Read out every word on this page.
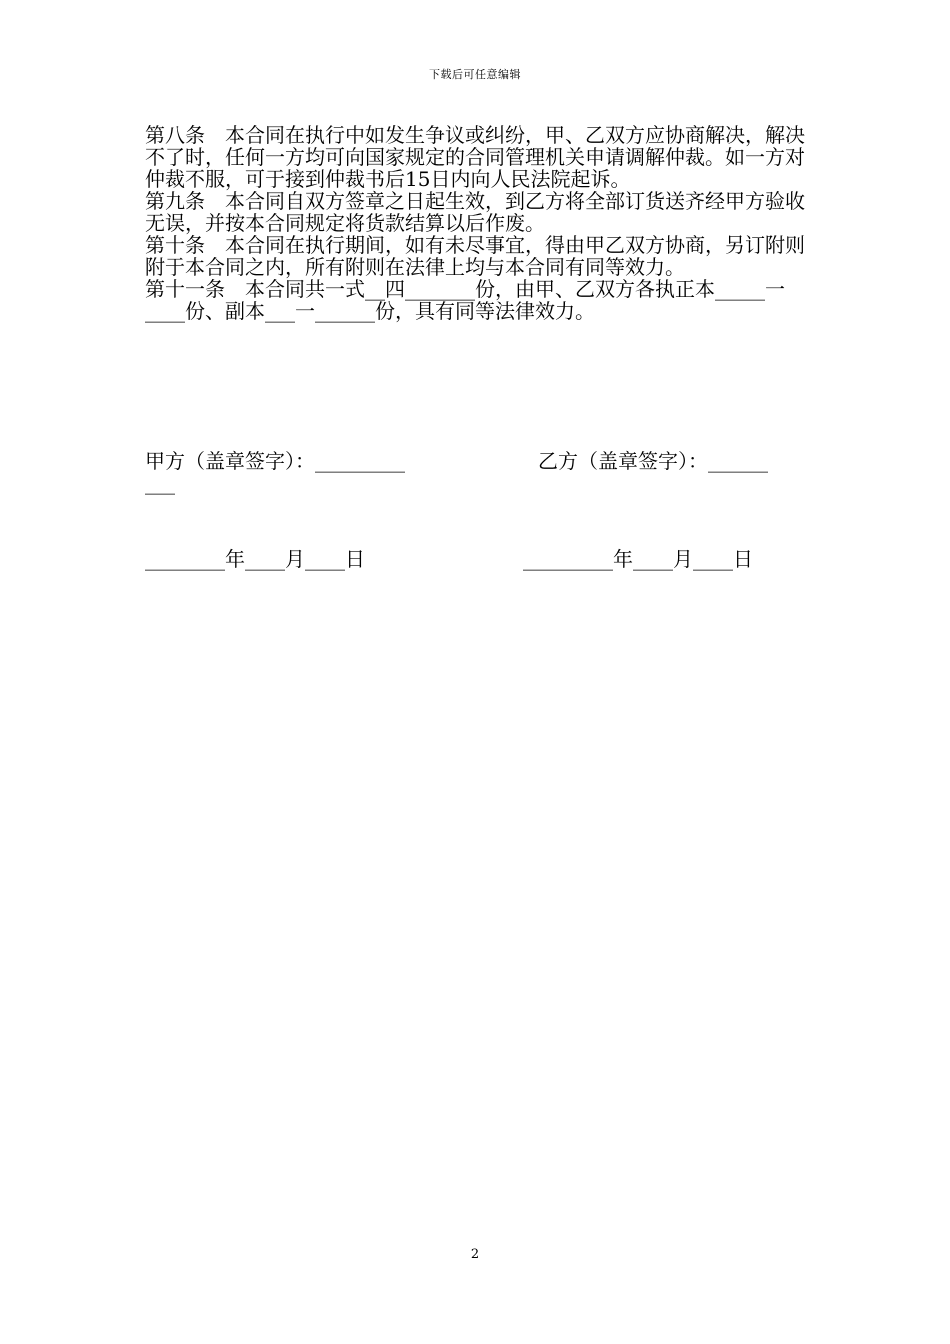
下载后可任意编辑

第八条　本合同在执行中如发生争议或纠纷，甲、乙双方应协商解决，解决不了时，任何一方均可向国家规定的合同管理机关申请调解仲裁。如一方对仲裁不服，可于接到仲裁书后15日内向人民法院起诉。

第九条　本合同自双方签章之日起生效，到乙方将全部订货送齐经甲方验收无误，并按本合同规定将货款结算以后作废。

第十条　本合同在执行期间，如有未尽事宜，得由甲乙双方协商，另订附则附于本合同之内，所有附则在法律上均与本合同有同等效力。

第十一条　本合同共一式__四_______份，由甲、乙双方各执正本_____一____份、副本___一______份，具有同等法律效力。

甲方（盖章签字）：_________	乙方（盖章签字）：______
___
________年____月____日	_________年____月____日
2
